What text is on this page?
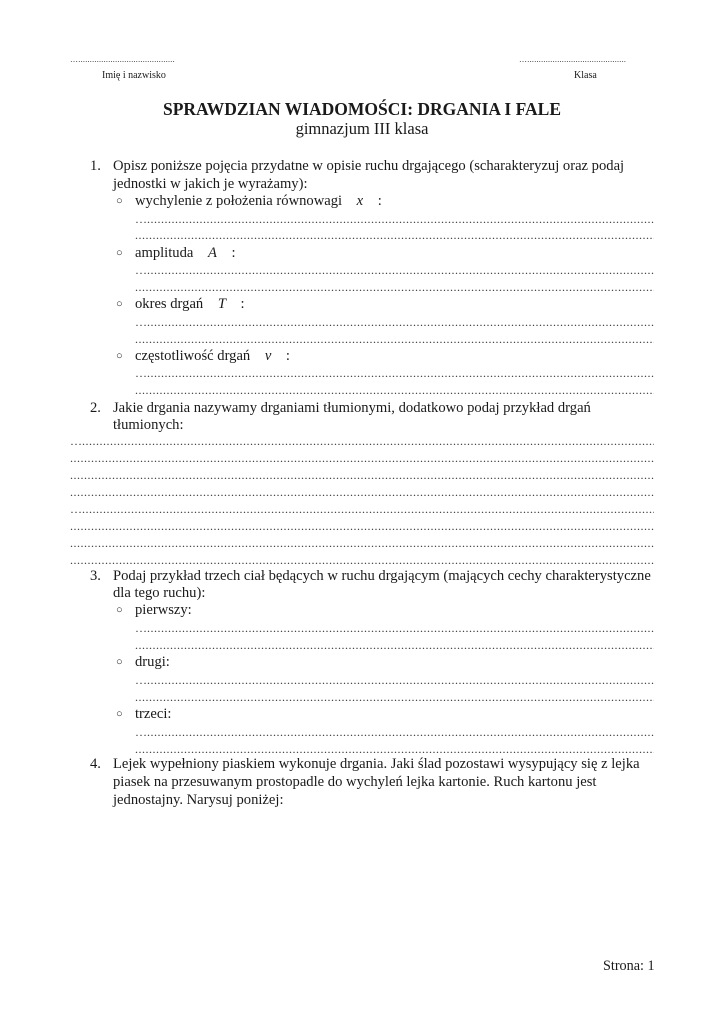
…..........................................
Imię i nazwisko
…...........................................
Klasa
SPRAWDZIAN WIADOMOŚCI: DRGANIA I FALE
gimnazjum III klasa
1. Opisz poniższe pojęcia przydatne w opisie ruchu drgającego (scharakteryzuj oraz podaj
jednostki w jakich je wyrażamy):
○ wychylenie z położenia równowagi x :
… .....
.....
○ amplituda A :
… .....
.....
○ okres drgań T :
… .....
.....
○ częstotliwość drgań ν :
… .....
.....
2. Jakie drgania nazywamy drganiami tłumionymi, dodatkowo podaj przykład drgań
tłumionych:
… .....
.....
.....
.....
… .....
.....
.....
.....
3. Podaj przykład trzech ciał będących w ruchu drgającym (mających cechy charakterystyczne
dla tego ruchu):
○ pierwszy:
… .....
.....
○ drugi:
… .....
.....
○ trzeci:
… .....
.....
4. Lejek wypełniony piaskiem wykonuje drgania. Jaki ślad pozostawi wysypujący się z lejka
piasek na przesuwanym prostopadle do wychyleń lejka kartonie. Ruch kartonu jest
jednostajny. Narysuj poniżej:
Strona: 1
